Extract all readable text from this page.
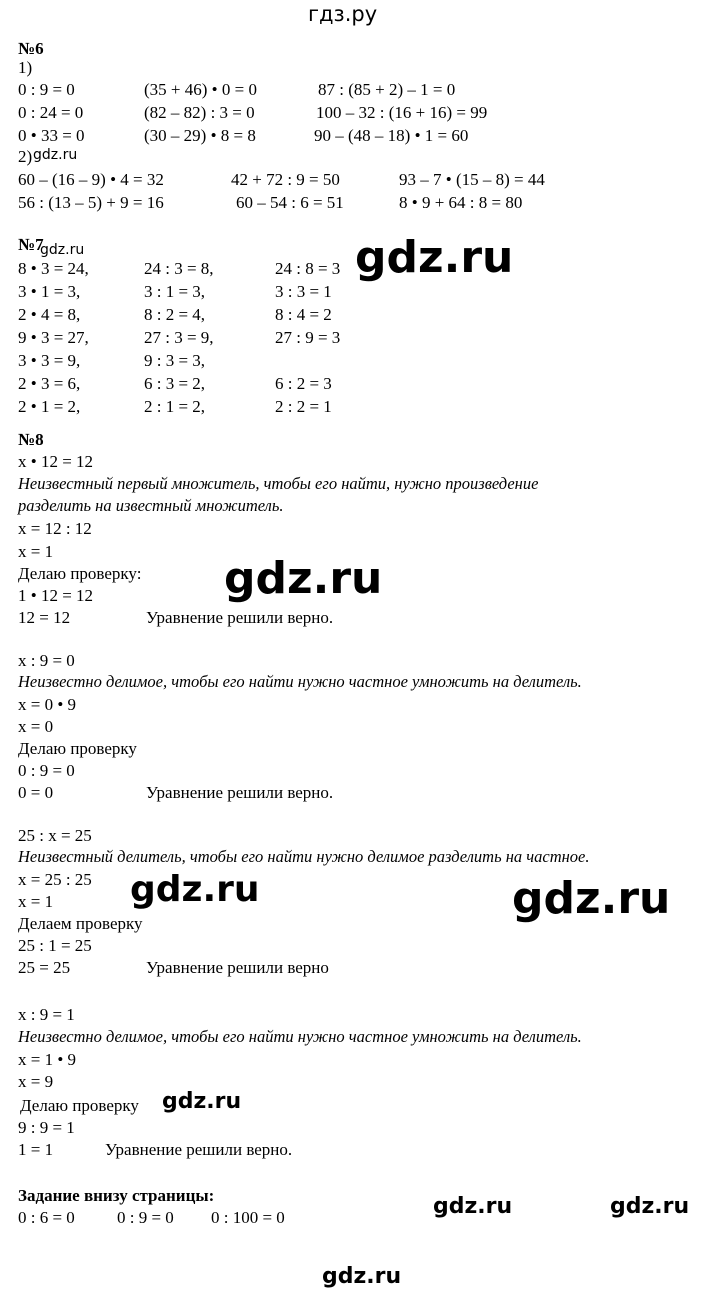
гдз.ру
gdz.ru
gdz.ru
gdz.ru	gdz.ru
gdz.ru
gdz.ru	gdz.ru
gdz.ru
gdz.ru
gdz.ru
№6
1)
0 : 9 = 0	(35 + 46) • 0 = 0	87 : (85 + 2) – 1 = 0
0 : 24 = 0	(82 – 82) : 3 = 0	100 – 32 : (16 + 16) = 99
0 • 33 = 0	(30 – 29) • 8 = 8	90 – (48 – 18) • 1 = 60
2)
60 – (16 – 9) • 4 = 32	42 + 72 : 9 = 50	93 – 7 • (15 – 8) = 44
56 : (13 – 5) + 9 = 16	60 – 54 : 6 = 51	8 • 9 + 64 : 8 = 80
№7
8 • 3 = 24,	24 : 3 = 8,	24 : 8 = 3
3 • 1 = 3,	3 : 1 = 3,	3 : 3 = 1
2 • 4 = 8,	8 : 2 = 4,	8 : 4 = 2
9 • 3 = 27,	27 : 3 = 9,	27 : 9 = 3
3 • 3 = 9,	9 : 3 = 3,
2 • 3 = 6,	6 : 3 = 2,	6 : 2 = 3
2 • 1 = 2,	2 : 1 = 2,	2 : 2 = 1
№8
x • 12 = 12
Неизвестный первый множитель, чтобы его найти, нужно произведение
разделить на известный множитель.
x = 12 : 12
x = 1
Делаю проверку:
1 • 12 = 12
12 = 12	Уравнение решили верно.
x : 9 = 0
Неизвестно делимое, чтобы его найти нужно частное умножить на делитель.
x = 0 • 9
x = 0
Делаю проверку
0 : 9 = 0
0 = 0	Уравнение решили верно.
25 : x = 25
Неизвестный делитель, чтобы его найти нужно делимое разделить на частное.
x = 25 : 25
x = 1
Делаем проверку
25 : 1 = 25
25 = 25	Уравнение решили верно
x : 9 = 1
Неизвестно делимое, чтобы его найти нужно частное умножить на делитель.
x = 1 • 9
x = 9
Делаю проверку
9 : 9 = 1
1 = 1	Уравнение решили верно.
Задание внизу страницы:
0 : 6 = 0 0 : 9 = 0 0 : 100 = 0
